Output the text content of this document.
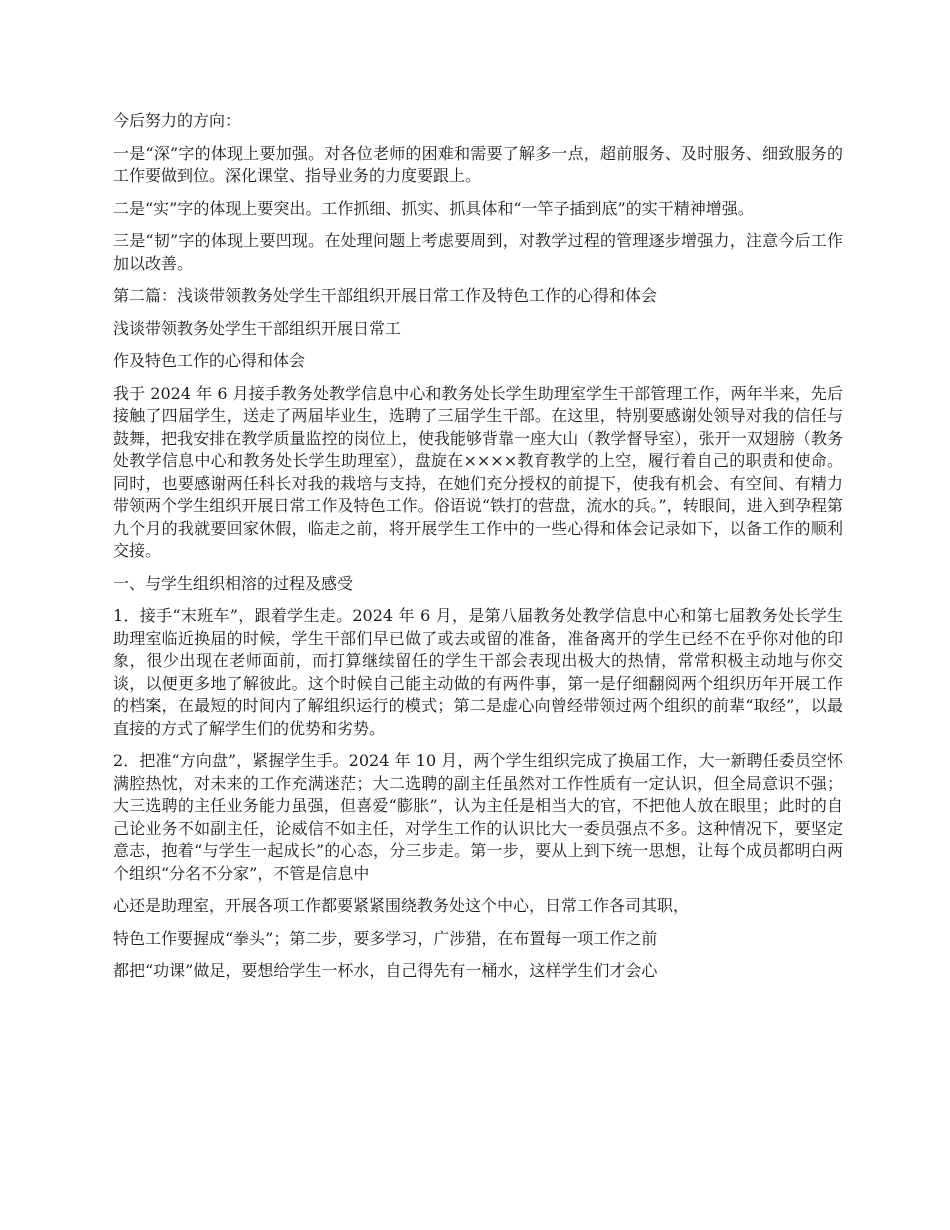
今后努力的方向：

一是“深”字的体现上要加强。对各位老师的困难和需要了解多一点，超前服务、及时服务、细致服务的工作要做到位。深化课堂、指导业务的力度要跟上。

二是“实”字的体现上要突出。工作抓细、抓实、抓具体和“一竿子插到底”的实干精神增强。

三是“韧”字的体现上要凹现。在处理问题上考虑要周到，对教学过程的管理逐步增强力，注意今后工作加以改善。

第二篇：浅谈带领教务处学生干部组织开展日常工作及特色工作的心得和体会

浅谈带领教务处学生干部组织开展日常工

作及特色工作的心得和体会

我于 2024 年 6 月接手教务处教学信息中心和教务处长学生助理室学生干部管理工作，两年半来，先后接触了四届学生，送走了两届毕业生，选聘了三届学生干部。在这里，特别要感谢处领导对我的信任与鼓舞，把我安排在教学质量监控的岗位上，使我能够背靠一座大山（教学督导室），张开一双翅膀（教务处教学信息中心和教务处长学生助理室），盘旋在××××教育教学的上空，履行着自己的职责和使命。同时，也要感谢两任科长对我的栽培与支持，在她们充分授权的前提下，使我有机会、有空间、有精力带领两个学生组织开展日常工作及特色工作。俗语说“铁打的营盘，流水的兵。”，转眼间，进入到孕程第九个月的我就要回家休假，临走之前，将开展学生工作中的一些心得和体会记录如下，以备工作的顺利交接。

一、与学生组织相溶的过程及感受

1．接手“末班车”，跟着学生走。2024 年 6 月，是第八届教务处教学信息中心和第七届教务处长学生助理室临近换届的时候，学生干部们早已做了或去或留的准备，准备离开的学生已经不在乎你对他的印象，很少出现在老师面前，而打算继续留任的学生干部会表现出极大的热情，常常积极主动地与你交谈，以便更多地了解彼此。这个时候自己能主动做的有两件事，第一是仔细翻阅两个组织历年开展工作的档案，在最短的时间内了解组织运行的模式；第二是虚心向曾经带领过两个组织的前辈“取经”，以最直接的方式了解学生们的优势和劣势。

2．把准“方向盘”，紧握学生手。2024 年 10 月，两个学生组织完成了换届工作，大一新聘任委员空怀满腔热忱，对未来的工作充满迷茫；大二选聘的副主任虽然对工作性质有一定认识，但全局意识不强；大三选聘的主任业务能力虽强，但喜爱“膨胀”，认为主任是相当大的官，不把他人放在眼里；此时的自己论业务不如副主任，论威信不如主任，对学生工作的认识比大一委员强点不多。这种情况下，要坚定意志，抱着“与学生一起成长”的心态，分三步走。第一步，要从上到下统一思想，让每个成员都明白两个组织“分名不分家”，不管是信息中

心还是助理室，开展各项工作都要紧紧围绕教务处这个中心，日常工作各司其职，

特色工作要握成“拳头”；第二步，要多学习，广涉猎，在布置每一项工作之前

都把“功课”做足，要想给学生一杯水，自己得先有一桶水，这样学生们才会心
